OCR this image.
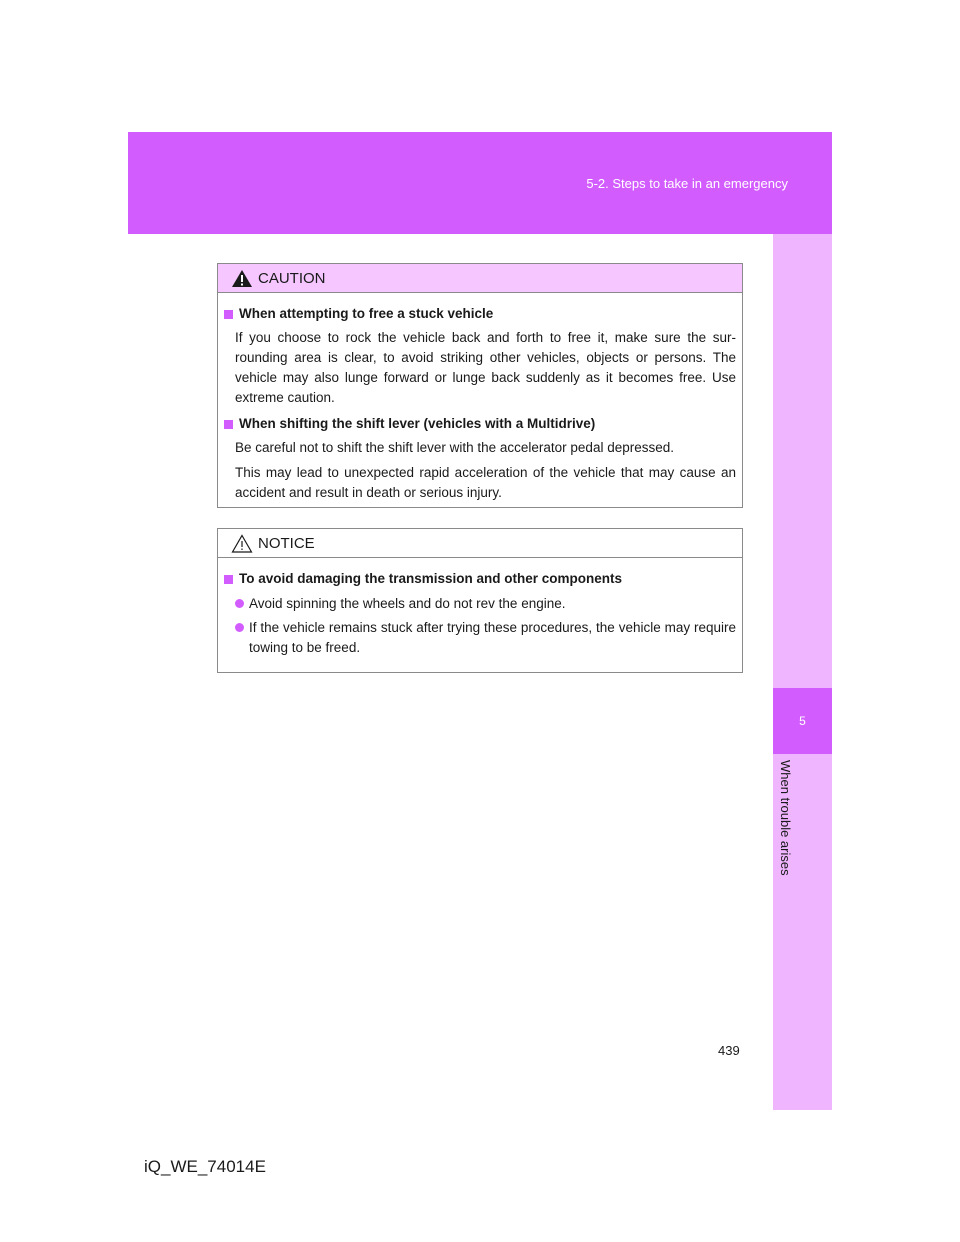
5-2. Steps to take in an emergency
5
When trouble arises
CAUTION
When attempting to free a stuck vehicle

If you choose to rock the vehicle back and forth to free it, make sure the sur-rounding area is clear, to avoid striking other vehicles, objects or persons. The vehicle may also lunge forward or lunge back suddenly as it becomes free. Use extreme caution.

When shifting the shift lever (vehicles with a Multidrive)

Be careful not to shift the shift lever with the accelerator pedal depressed.

This may lead to unexpected rapid acceleration of the vehicle that may cause an accident and result in death or serious injury.

NOTICE
To avoid damaging the transmission and other components
Avoid spinning the wheels and do not rev the engine.
If the vehicle remains stuck after trying these procedures, the vehicle may require towing to be freed.
439
iQ_WE_74014E
